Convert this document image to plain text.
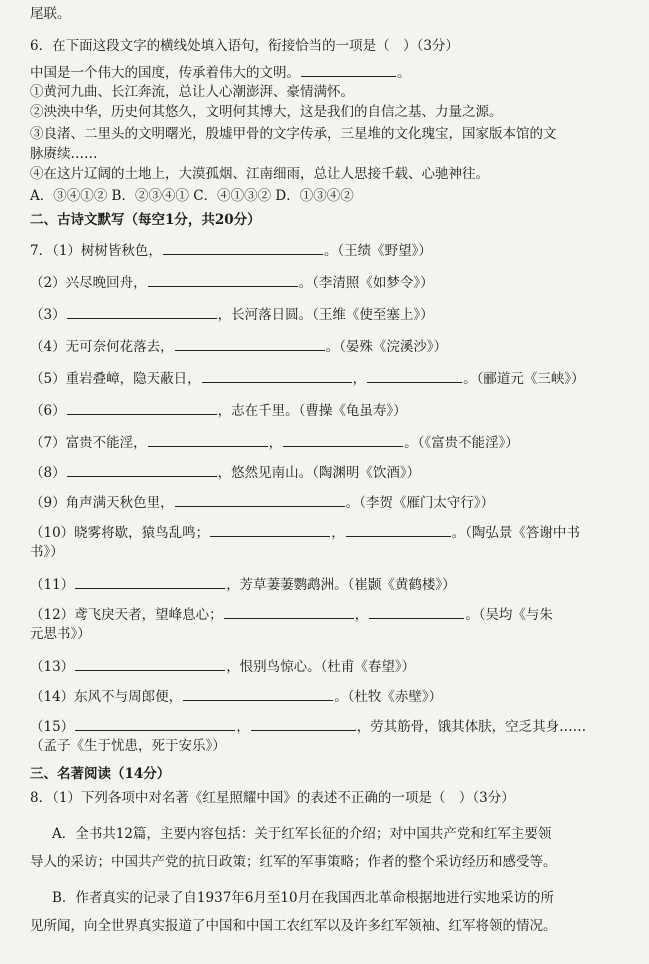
尾联。
6．在下面这段文字的横线处填入语句，衔接恰当的一项是（　）（3分）
中国是一个伟大的国度，传承着伟大的文明。	。
①黄河九曲、长江奔流，总让人心潮澎湃、豪情满怀。
②泱泱中华，历史何其悠久，文明何其博大，这是我们的自信之基、力量之源。
③良渚、二里头的文明曙光，殷墟甲骨的文字传承，三星堆的文化瑰宝，国家版本馆的文
脉赓续……
④在这片辽阔的土地上，大漠孤烟、江南细雨，总让人思接千载、心驰神往。
A．③④①② B．②③④① C．④①③② D．①③④②
二、古诗文默写（每空1分，共20分）
7．（1）树树皆秋色，	。（王绩《野望》）
（2）兴尽晚回舟，	。（李清照《如梦令》）
（3）	，长河落日圆。（王维《使至塞上》）
（4）无可奈何花落去，	。（晏殊《浣溪沙》）
（5）重岩叠嶂，隐天蔽日，	，	。（郦道元《三峡》）
（6）	，志在千里。（曹操《龟虽寿》）
（7）富贵不能淫，	，	。（《富贵不能淫》）
（8）	，悠然见南山。（陶渊明《饮酒》）
（9）角声满天秋色里，	。（李贺《雁门太守行》）
（10）晓雾将歇，猿鸟乱鸣；	，	。（陶弘景《答谢中书
书》）
（11）	，芳草萋萋鹦鹉洲。（崔颢《黄鹤楼》）
（12）鸢飞戾天者，望峰息心；	，	。（吴均《与朱
元思书》）
（13）	，恨别鸟惊心。（杜甫《春望》）
（14）东风不与周郎便，	。（杜牧《赤壁》）
（15）	，	，劳其筋骨，饿其体肤，空乏其身……
（孟子《生于忧患，死于安乐》）
三、名著阅读（14分）
8．（1）下列各项中对名著《红星照耀中国》的表述不正确的一项是（　）（3分）
A．全书共12篇，主要内容包括：关于红军长征的介绍；对中国共产党和红军主要领
导人的采访；中国共产党的抗日政策；红军的军事策略；作者的整个采访经历和感受等。
B．作者真实的记录了自1937年6月至10月在我国西北革命根据地进行实地采访的所
见所闻，向全世界真实报道了中国和中国工农红军以及许多红军领袖、红军将领的情况。
